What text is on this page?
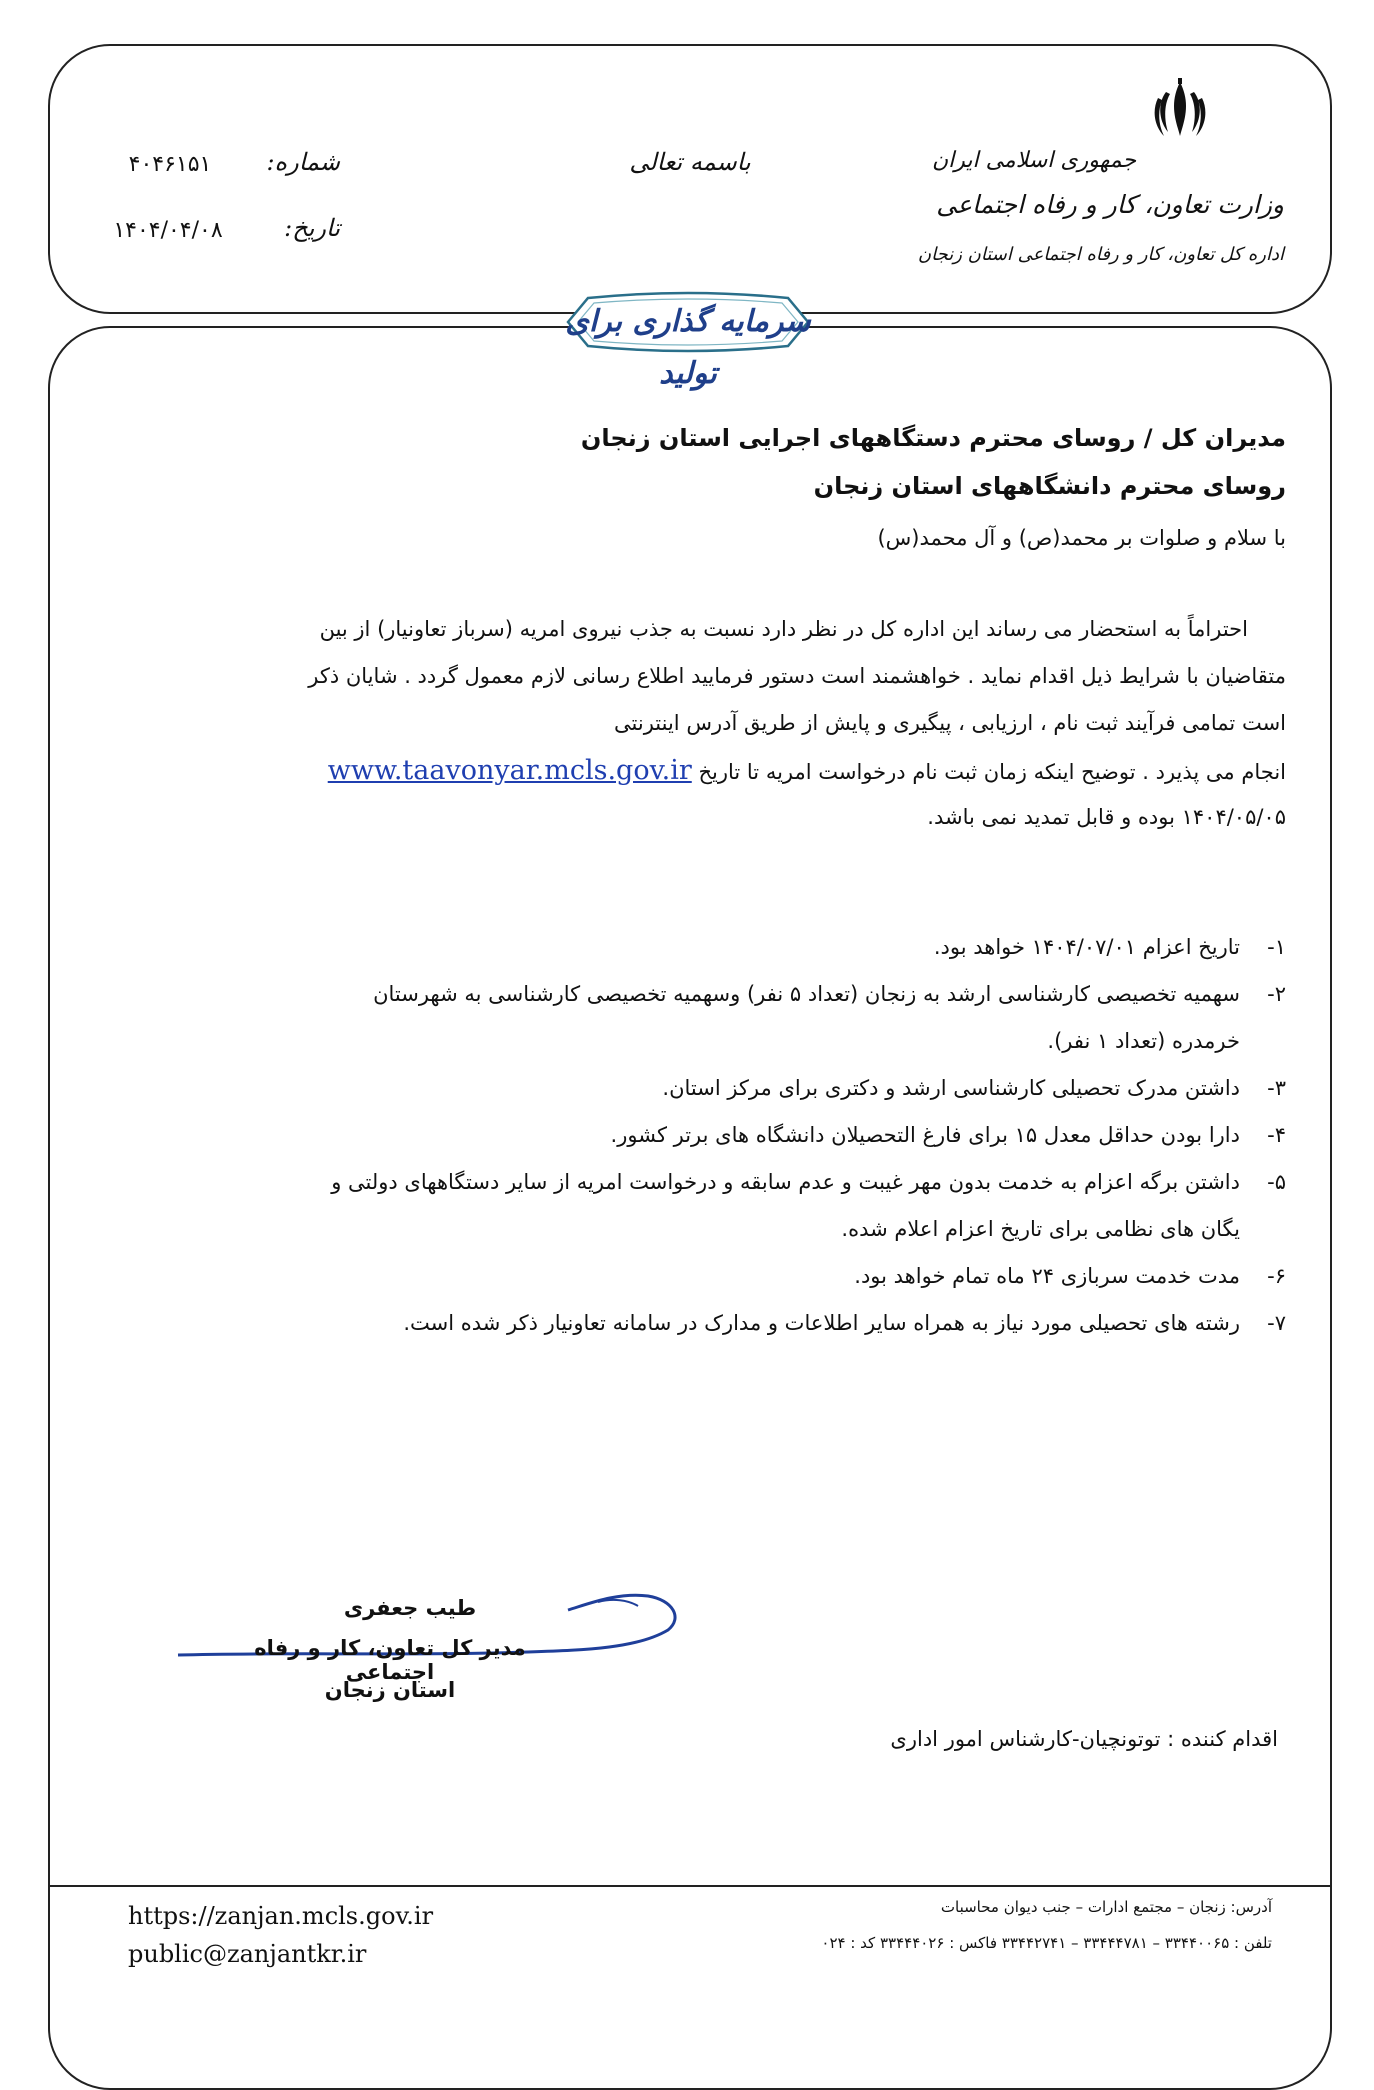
سرمایه گذاری برای تولید
جمهوری اسلامی ایران
وزارت تعاون، کار و رفاه اجتماعی
اداره کل تعاون، کار و رفاه اجتماعی استان زنجان
باسمه تعالی
شماره:
۴۰۴۶۱۵۱
تاریخ:
۱۴۰۴/۰۴/۰۸
مدیران کل / روسای محترم دستگاههای اجرایی استان زنجان
روسای محترم دانشگاههای استان زنجان
با سلام و صلوات بر محمد(ص) و آل محمد(س)
احتراماً به استحضار می رساند این اداره کل در نظر دارد نسبت به جذب نیروی امریه (سرباز تعاونیار) از بین
متقاضیان با شرایط ذیل اقدام نماید . خواهشمند است دستور فرمایید اطلاع رسانی لازم معمول گردد . شایان ذکر
است تمامی فرآیند ثبت نام ، ارزیابی ، پیگیری و پایش از طریق آدرس اینترنتی
انجام می پذیرد . توضیح اینکه زمان ثبت نام درخواست امریه تا تاریخ www.taavonyar.mcls.gov.ir
۱۴۰۴/۰۵/۰۵ بوده و قابل تمدید نمی باشد.
۱-
تاریخ اعزام ۱۴۰۴/۰۷/۰۱ خواهد بود.
۲-
سهمیه تخصیصی کارشناسی ارشد به زنجان (تعداد ۵ نفر) وسهمیه تخصیصی کارشناسی به شهرستان
خرمدره (تعداد ۱ نفر).
۳-
داشتن مدرک تحصیلی کارشناسی ارشد و دکتری برای مرکز استان.
۴-
دارا بودن حداقل معدل ۱۵ برای فارغ التحصیلان دانشگاه های برتر کشور.
۵-
داشتن برگه اعزام به خدمت بدون مهر غیبت و عدم سابقه و درخواست امریه از سایر دستگاههای دولتی و
یگان های نظامی برای تاریخ اعزام اعلام شده.
۶-
مدت خدمت سربازی ۲۴ ماه تمام خواهد بود.
۷-
رشته های تحصیلی مورد نیاز به همراه سایر اطلاعات و مدارک در سامانه تعاونیار ذکر شده است.
طیب جعفری
مدیر کل تعاون، کار و رفاه اجتماعی
استان زنجان
اقدام کننده : توتونچیان-کارشناس امور اداری
https://zanjan.mcls.gov.ir
public@zanjantkr.ir
آدرس: زنجان – مجتمع ادارات – جنب دیوان محاسبات
تلفن : ۳۳۴۴۰۰۶۵ – ۳۳۴۴۴۷۸۱ – ۳۳۴۴۲۷۴۱ فاکس : ۳۳۴۴۴۰۲۶ کد : ۰۲۴
